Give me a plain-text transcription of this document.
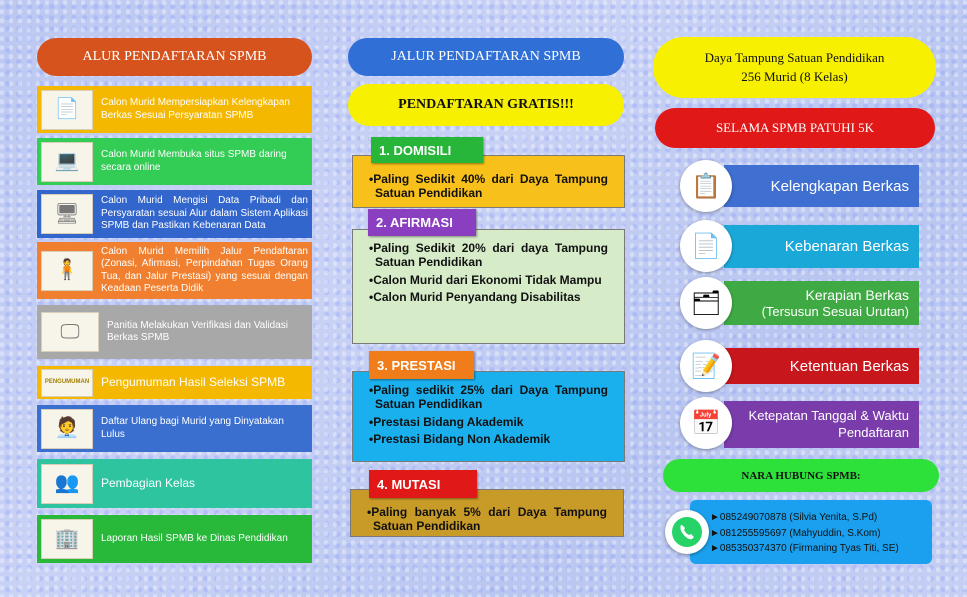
ALUR PENDAFTARAN SPMB
📄	Calon Murid Mempersiapkan Kelengkapan Berkas Sesuai Persyaratan SPMB
💻	Calon Murid Membuka situs SPMB daring secara online
🖥
Calon Murid Mengisi Data Pribadi dan Persyaratan sesuai Alur dalam Sistem Aplikasi SPMB dan Pastikan Kebenaran Data
🧍
Calon Murid Memilih Jalur Pendaftaran (Zonasi, Afirmasi, Perpindahan Tugas Orang Tua, dan Jalur Prestasi) yang sesuai dengan Keadaan Peserta Didik
🖵	Panitia Melakukan Verifikasi dan Validasi Berkas SPMB
PENGUMUMAN Pengumuman Hasil Seleksi SPMB
🧑‍💼	Daftar Ulang bagi Murid yang Dinyatakan Lulus
👥	Pembagian Kelas
🏢	Laporan Hasil SPMB ke Dinas Pendidikan
JALUR PENDAFTARAN SPMB
PENDAFTARAN GRATIS!!!
•Paling Sedikit 40% dari Daya Tampung Satuan Pendidikan
1. DOMISILI
•Paling Sedikit 20% dari daya Tampung Satuan Pendidikan
•Calon Murid dari Ekonomi Tidak Mampu
•Calon Murid Penyandang Disabilitas
2. AFIRMASI
•Paling sedikit 25% dari Daya Tampung Satuan Pendidikan
•Prestasi Bidang Akademik
•Prestasi Bidang Non Akademik
3. PRESTASI
•Paling banyak 5% dari Daya Tampung Satuan Pendidikan
4. MUTASI
Daya Tampung Satuan Pendidikan
256 Murid (8 Kelas)
SELAMA SPMB PATUHI 5K
Kelengkapan Berkas
📋
Kebenaran Berkas
📄
Kerapian Berkas
(Tersusun Sesuai Urutan)
🗂
Ketentuan Berkas
📝
Ketepatan Tanggal & Waktu
Pendaftaran
📅
NARA HUBUNG SPMB:
►085249070878 (Silvia Yenita, S.Pd)
►081255595697 (Mahyuddin, S.Kom)
►085350374370 (Firmaning Tyas Titi, SE)
